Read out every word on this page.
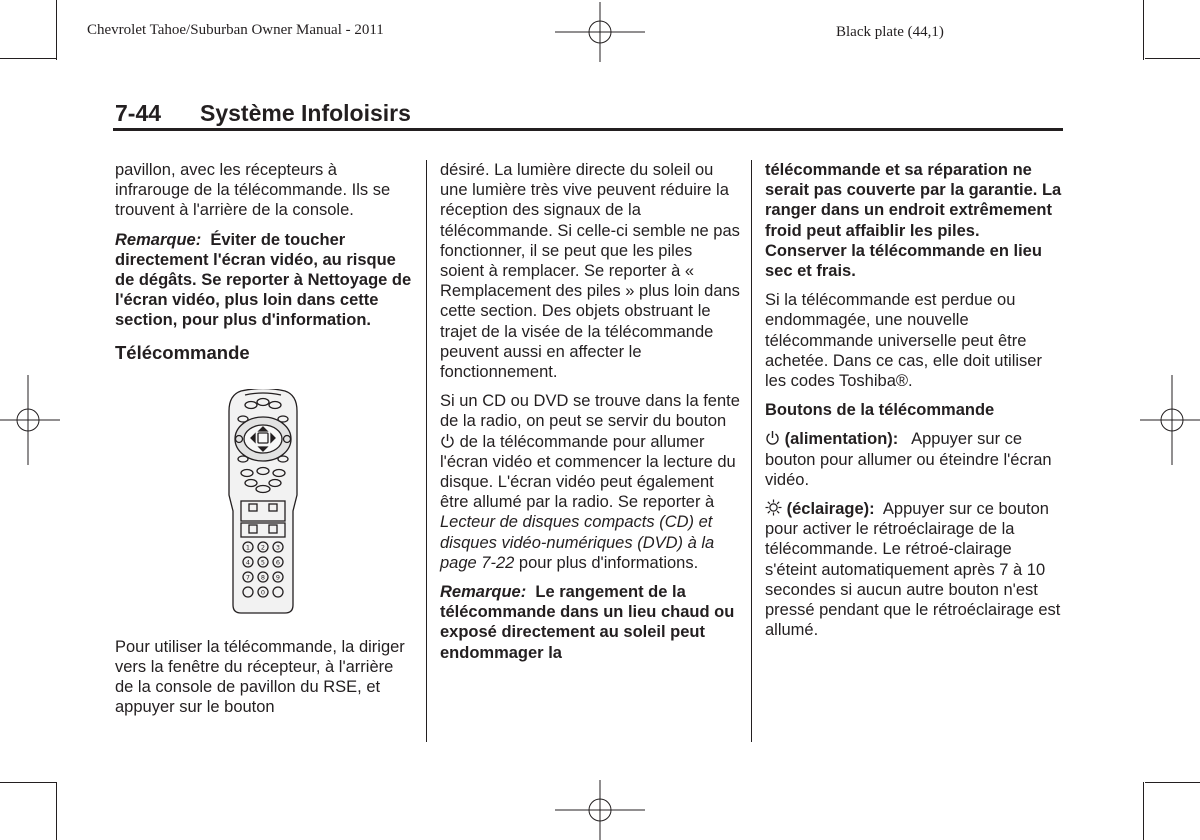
Chevrolet Tahoe/Suburban Owner Manual - 2011	Black plate (44,1)
7-44 Système Infoloisirs

pavillon, avec les récepteurs à infrarouge de la télécommande. Ils se trouvent à l'arrière de la console.

Remarque: Éviter de toucher directement l'écran vidéo, au risque de dégâts. Se reporter à Nettoyage de l'écran vidéo, plus loin dans cette section, pour plus d'information.

Télécommande

1 2 3
4 5 6
7 8 9
0

Pour utiliser la télécommande, la diriger vers la fenêtre du récepteur, à l'arrière de la console de pavillon du RSE, et appuyer sur le bouton

désiré. La lumière directe du soleil ou une lumière très vive peuvent réduire la réception des signaux de la télécommande. Si celle-ci semble ne pas fonctionner, il se peut que les piles soient à remplacer. Se reporter à « Remplacement des piles » plus loin dans cette section. Des objets obstruant le trajet de la visée de la télécommande peuvent aussi en affecter le fonctionnement.

Si un CD ou DVD se trouve dans la fente de la radio, on peut se servir du bouton  de la télécommande pour allumer l'écran vidéo et commencer la lecture du disque. L'écran vidéo peut également être allumé par la radio. Se reporter à Lecteur de disques compacts (CD) et disques vidéo-numériques (DVD) à la page 7-22 pour plus d'informations.

Remarque: Le rangement de la télécommande dans un lieu chaud ou exposé directement au soleil peut endommager la

télécommande et sa réparation ne serait pas couverte par la garantie. La ranger dans un endroit extrêmement froid peut affaiblir les piles. Conserver la télécommande en lieu sec et frais.

Si la télécommande est perdue ou endommagée, une nouvelle télécommande universelle peut être achetée. Dans ce cas, elle doit utiliser les codes Toshiba®.

Boutons de la télécommande

(alimentation): Appuyer sur ce bouton pour allumer ou éteindre l'écran vidéo.

(éclairage): Appuyer sur ce bouton pour activer le rétroéclairage de la télécommande. Le rétroé-clairage s'éteint automatiquement après 7 à 10 secondes si aucun autre bouton n'est pressé pendant que le rétroéclairage est allumé.
